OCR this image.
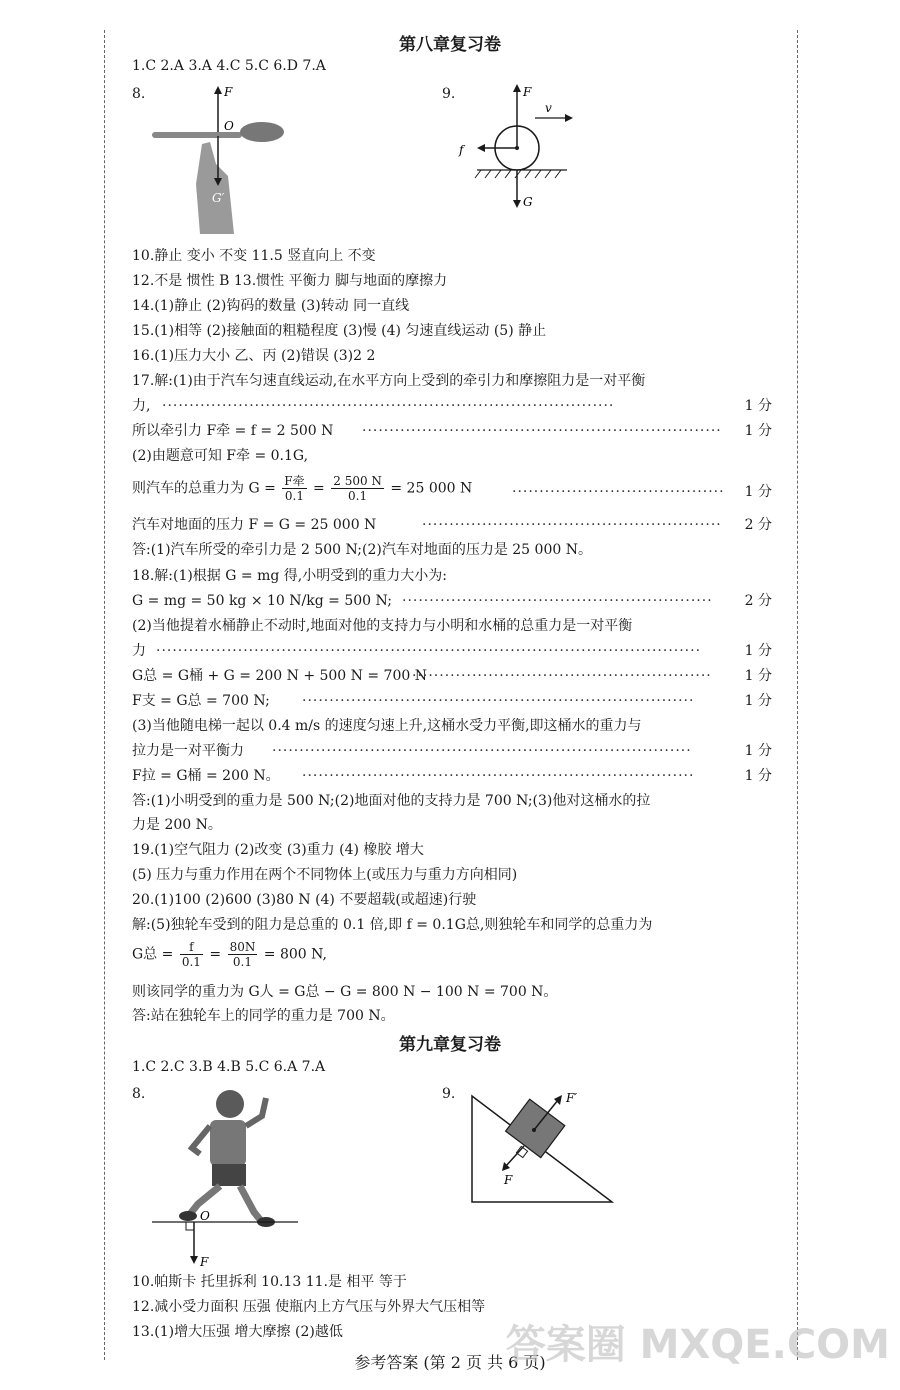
第八章复习卷
1.C 2.A 3.A 4.C 5.C 6.D 7.A
8.	F
O
G′
9.	F
v
f
G
10.静止 变小 不变 11.5 竖直向上 不变
12.不是 惯性 B 13.惯性 平衡力 脚与地面的摩擦力
14.(1)静止 (2)钩码的数量 (3)转动 同一直线
15.(1)相等 (2)接触面的粗糙程度 (3)慢 (4) 匀速直线运动 (5) 静止
16.(1)压力大小 乙、丙 (2)错误 (3)2 2
17.解:(1)由于汽车匀速直线运动,在水平方向上受到的牵引力和摩擦阻力是一对平衡
力, ···················································································	1 分
所以牵引力 F牵 = f = 2 500 N ··································································	1 分
(2)由题意可知 F牵 = 0.1G,
则汽车的总重力为 $G = \frac{\text{F牵}}{0.1} = \frac{2 500 N}{0.1} = 25$ 000 N	·······································	1 分
汽车对地面的压力 F = G = 25 000 N	·······················································	2 分
答:(1)汽车所受的牵引力是 2 500 N;(2)汽车对地面的压力是 25 000 N。
18.解:(1)根据 G = mg 得,小明受到的重力大小为:
G = mg = 50 kg × 10 N/kg = 500 N; ·························································	2 分
(2)当他提着水桶静止不动时,地面对他的支持力与小明和水桶的总重力是一对平衡
力 ····································································································	1 分
G总 = G桶 + G = 200 N + 500 N = 700 N
·······················································	1 分
F支 = G总 = 700 N; ········································································	1 分
(3)当他随电梯一起以 0.4 m/s 的速度匀速上升,这桶水受力平衡,即这桶水的重力与
拉力是一对平衡力 ·············································································	1 分
F拉 = G桶 = 200 N。 ········································································	1 分
答:(1)小明受到的重力是 500 N;(2)地面对他的支持力是 700 N;(3)他对这桶水的拉
力是 200 N。
19.(1)空气阻力 (2)改变 (3)重力 (4) 橡胶 增大
(5) 压力与重力作用在两个不同物体上(或压力与重力方向相同)
20.(1)100 (2)600 (3)80 N (4) 不要超载(或超速)行驶
解:(5)独轮车受到的阻力是总重的 0.1 倍,即 f = 0.1G总,则独轮车和同学的总重力为
G总 = $\frac{f}{0.1} = \frac{80N}{0.1} = 800$ N,
则该同学的重力为 G人 = G总 − G = 800 N − 100 N = 700 N。
答:站在独轮车上的同学的重力是 700 N。
第九章复习卷
1.C 2.C 3.B 4.B 5.C 6.A 7.A
8.
O
F
9.	F′
F
10.帕斯卡 托里拆利 10.13 11.是 相平 等于
12.减小受力面积 压强 使瓶内上方气压与外界大气压相等
13.(1)增大压强 增大摩擦 (2)越低
参考答案 (第 2 页 共 6 页)
答案圈 MXQE.COM
